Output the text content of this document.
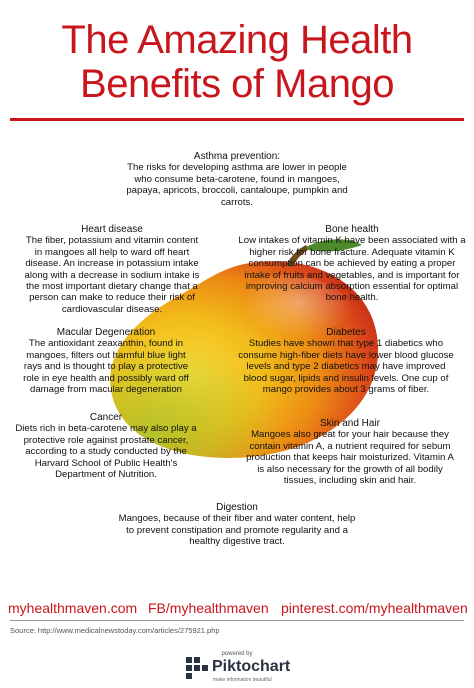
The Amazing Health
Benefits of Mango
Asthma prevention:
The risks for developing asthma are lower in people
who consume beta-carotene, found in mangoes,
papaya, apricots, broccoli, cantaloupe, pumpkin and
carrots.
Heart disease
The fiber, potassium and vitamin content
in mangoes all help to ward off heart
disease. An increase in potassium intake
along with a decrease in sodium intake is
the most important dietary change that a
person can make to reduce their risk of
cardiovascular disease.
Bone health
Low intakes of vitamin K have been associated with a
higher risk for bone fracture. Adequate vitamin K
consumption can be achieved by eating a proper
intake of fruits and vegetables, and is important for
improving calcium absorption essential for optimal
bone health.
Macular Degeneration
The antioxidant zeaxanthin, found in
mangoes, filters out harmful blue light
rays and is thought to play a protective
role in eye health and possibly ward off
damage from macular degeneration
Diabetes
Studies have shown that type 1 diabetics who
consume high-fiber diets have lower blood glucose
levels and type 2 diabetics may have improved
blood sugar, lipids and insulin levels. One cup of
mango provides about 3 grams of fiber.
Cancer
Diets rich in beta-carotene may also play a
protective role against prostate cancer,
according to a study conducted by the
Harvard School of Public Health's
Department of Nutrition.
Skin and Hair
Mangoes also great for your hair because they
contain vitamin A, a nutrient required for sebum
production that keeps hair moisturized. Vitamin A
is also necessary for the growth of all bodily
tissues, including skin and hair.
Digestion
Mangoes, because of their fiber and water content, help
to prevent constipation and promote regularity and a
healthy digestive tract.
myhealthmaven.com FB/myhealthmaven pinterest.com/myhealthmaven
Source: http://www.medicalnewstoday.com/articles/275921.php
powered by
Piktochart
make information beautiful
